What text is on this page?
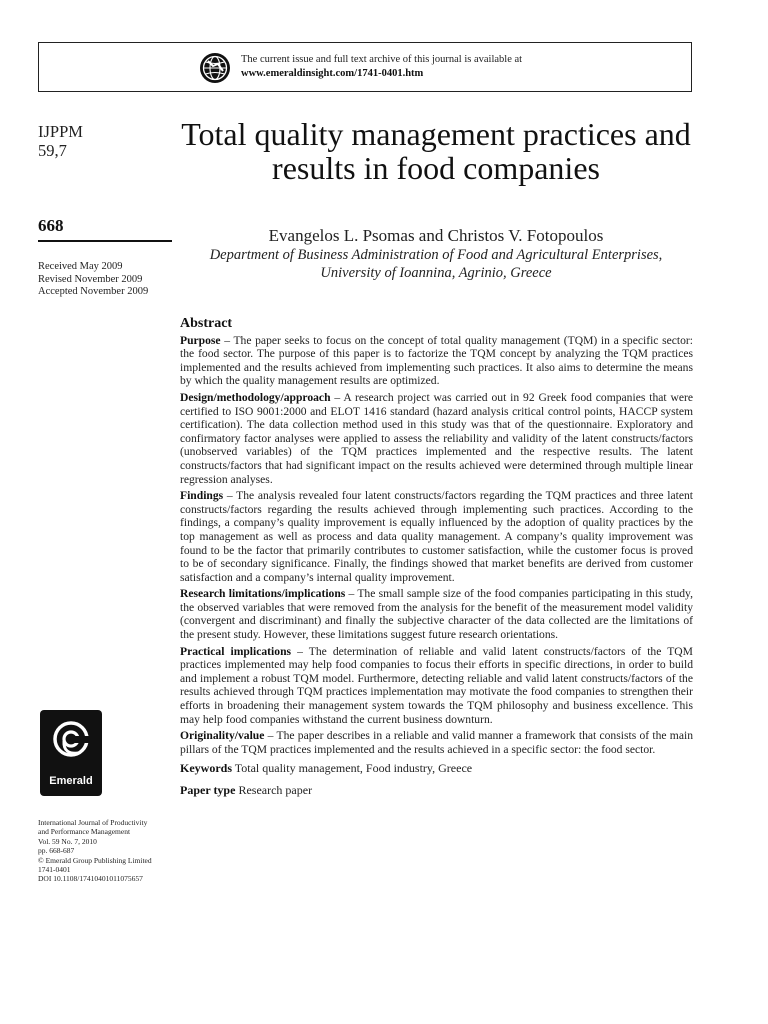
The current issue and full text archive of this journal is available at
www.emeraldinsight.com/1741-0401.htm
IJPPM
59,7
668
Received May 2009
Revised November 2009
Accepted November 2009
Total quality management practices and results in food companies
Evangelos L. Psomas and Christos V. Fotopoulos
Department of Business Administration of Food and Agricultural Enterprises,
University of Ioannina, Agrinio, Greece
Abstract

Purpose – The paper seeks to focus on the concept of total quality management (TQM) in a specific sector: the food sector. The purpose of this paper is to factorize the TQM concept by analyzing the TQM practices implemented and the results achieved from implementing such practices. It also aims to determine the means by which the quality management results are optimized.

Design/methodology/approach – A research project was carried out in 92 Greek food companies that were certified to ISO 9001:2000 and ELOT 1416 standard (hazard analysis critical control points, HACCP system certification). The data collection method used in this study was that of the questionnaire. Exploratory and confirmatory factor analyses were applied to assess the reliability and validity of the latent constructs/factors (unobserved variables) of the TQM practices implemented and the respective results. The latent constructs/factors that had significant impact on the results achieved were determined through multiple linear regression analyses.

Findings – The analysis revealed four latent constructs/factors regarding the TQM practices and three latent constructs/factors regarding the results achieved through implementing such practices. According to the findings, a company’s quality improvement is equally influenced by the adoption of quality practices by the top management as well as process and data quality management. A company’s quality improvement was found to be the factor that primarily contributes to customer satisfaction, while the customer focus is proved to be of secondary significance. Finally, the findings showed that market benefits are derived from customer satisfaction and a company’s internal quality improvement.

Research limitations/implications – The small sample size of the food companies participating in this study, the observed variables that were removed from the analysis for the benefit of the measurement model validity (convergent and discriminant) and finally the subjective character of the data collected are the limitations of the present study. However, these limitations suggest future research orientations.

Practical implications – The determination of reliable and valid latent constructs/factors of the TQM practices implemented may help food companies to focus their efforts in specific directions, in order to build and implement a robust TQM model. Furthermore, detecting reliable and valid latent constructs/factors of the results achieved through TQM practices implementation may motivate the food companies to strengthen their efforts in broadening their management system towards the TQM philosophy and business excellence. This may help food companies withstand the current business downturn.

Originality/value – The paper describes in a reliable and valid manner a framework that consists of the main pillars of the TQM practices implemented and the results achieved in a specific sector: the food sector.

Keywords Total quality management, Food industry, Greece
Paper type Research paper
Emerald
International Journal of Productivity
and Performance Management
Vol. 59 No. 7, 2010
pp. 668-687
© Emerald Group Publishing Limited
1741-0401
DOI 10.1108/17410401011075657
